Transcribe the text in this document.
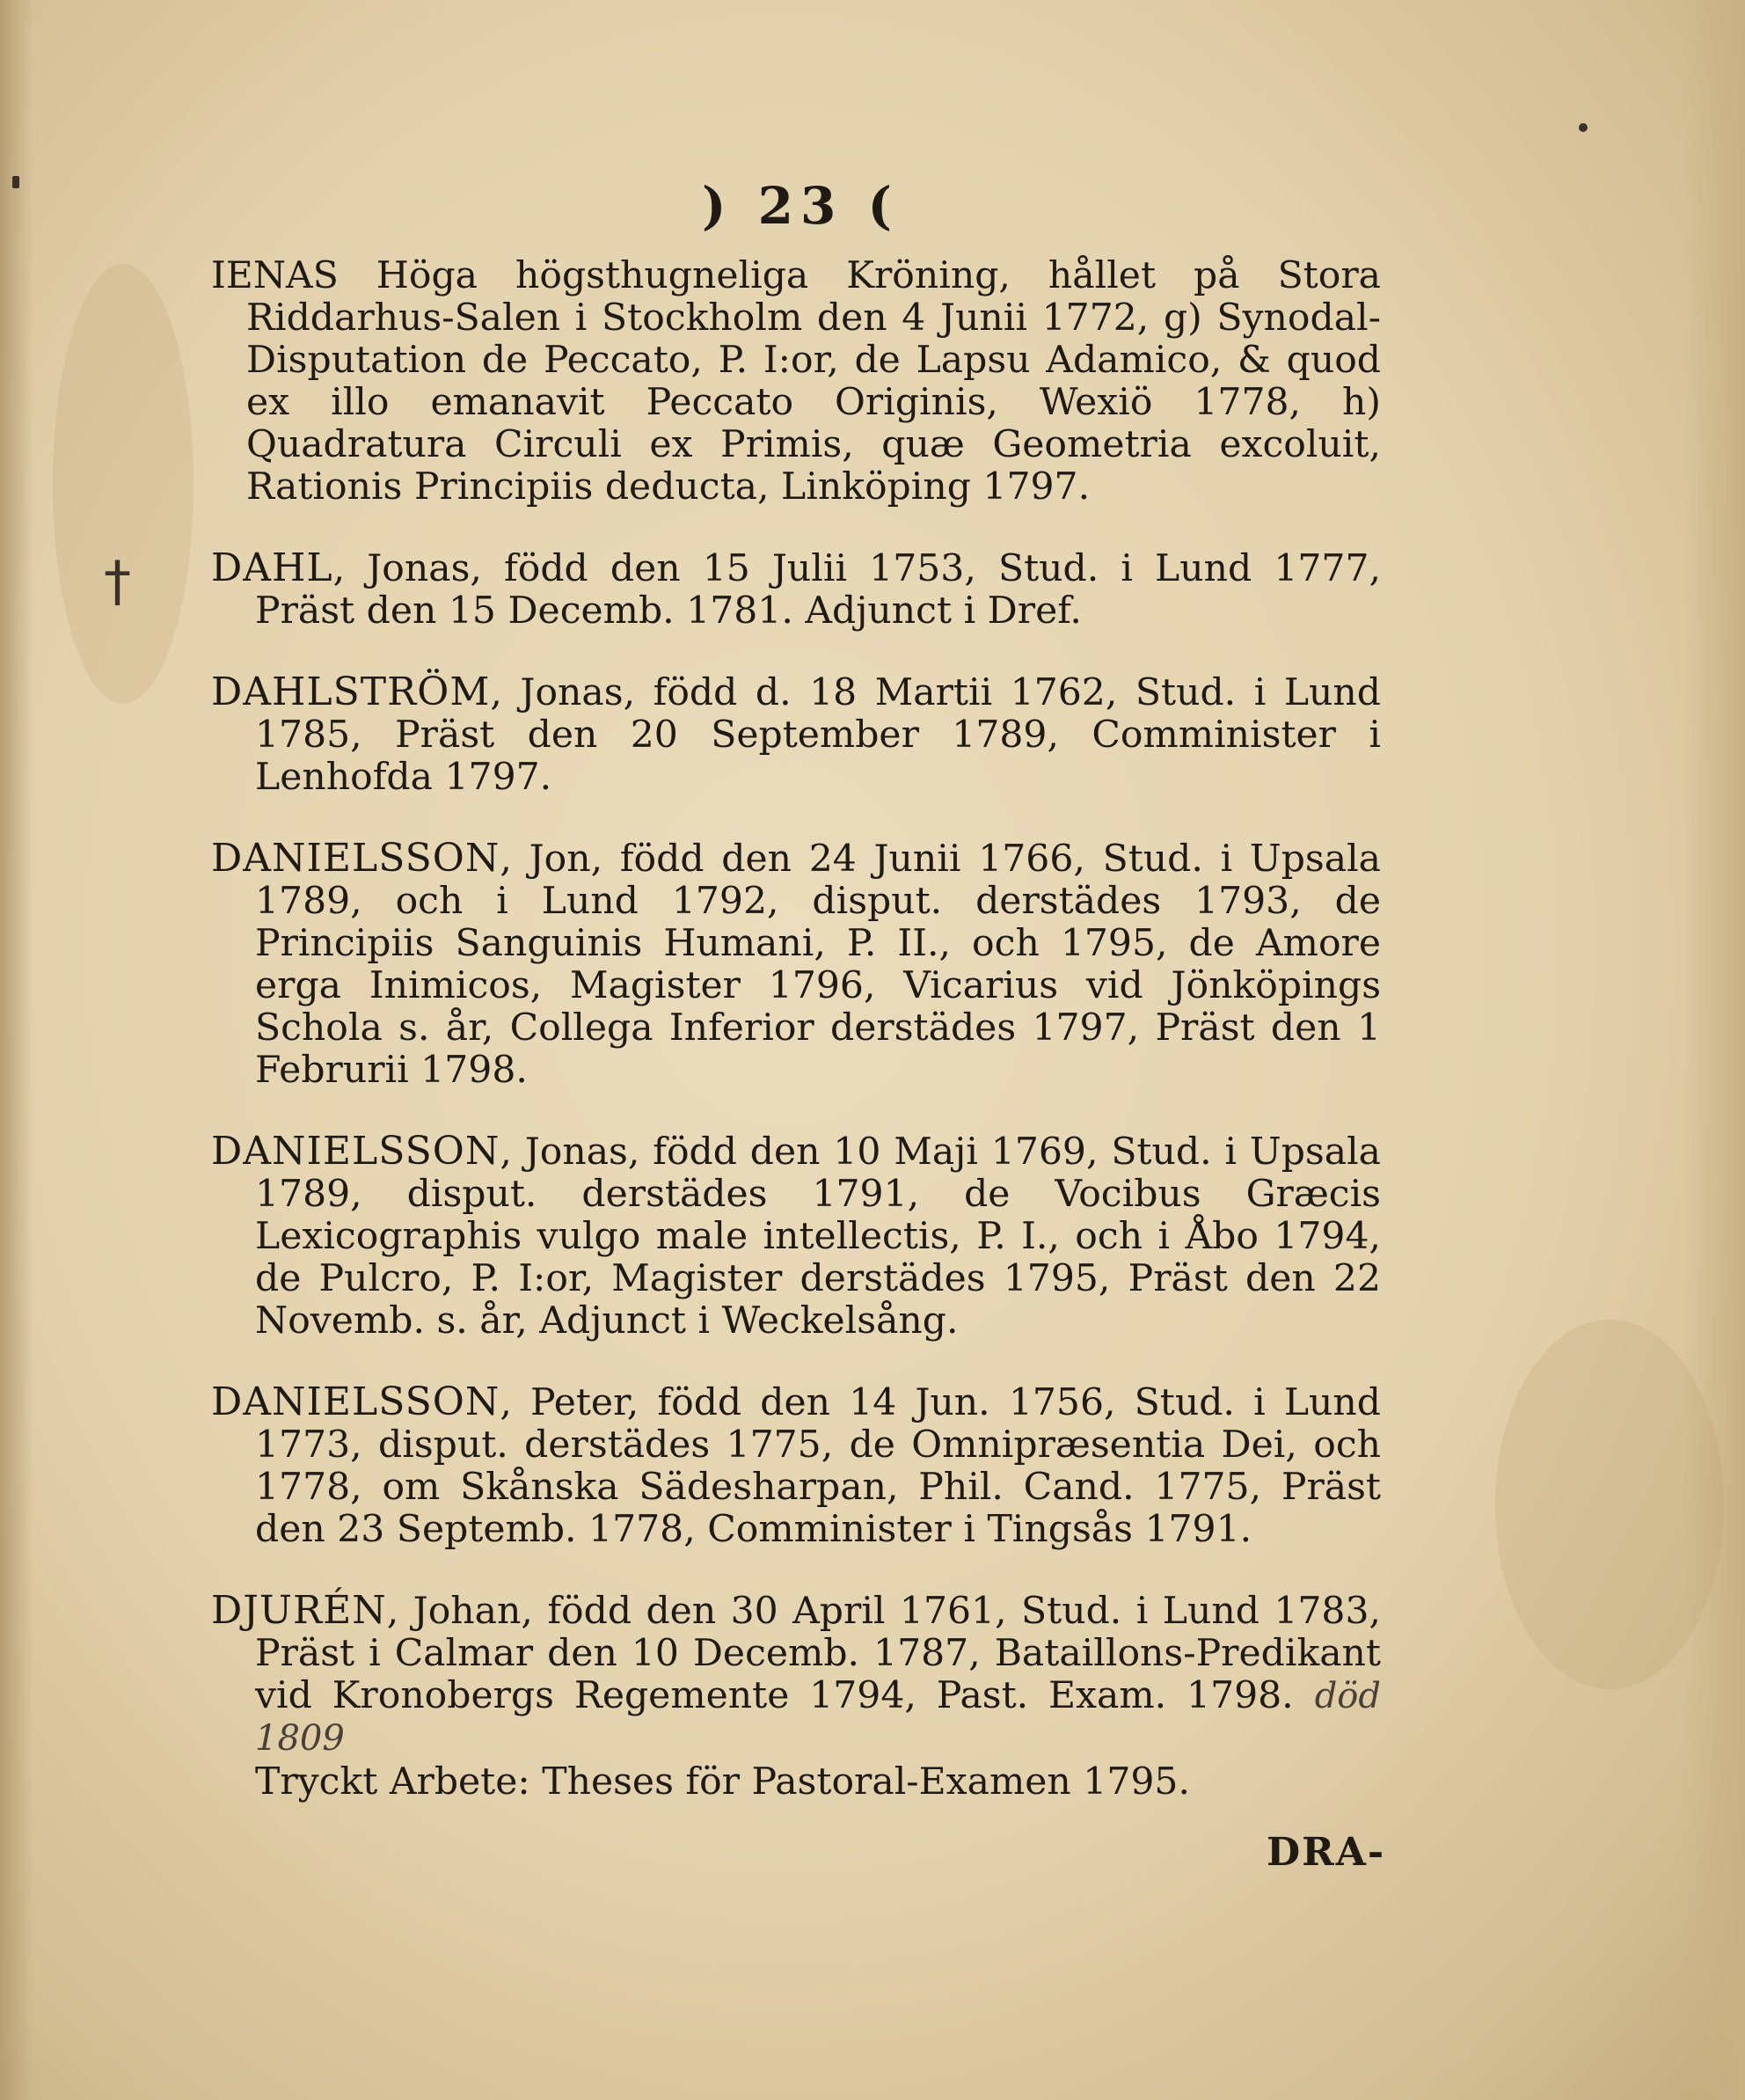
) 23 (
†

IENAS Höga högsthugneliga Kröning, hållet på Stora Riddarhus-Salen i Stockholm den 4 Junii 1772, g) Synodal-Disputation de Peccato, P. I:or, de Lapsu Adamico, & quod ex illo emanavit Peccato Originis, Wexiö 1778, h) Quadratura Circuli ex Primis, quæ Geometria excoluit, Rationis Principiis deducta, Linköping 1797.

DAHL, Jonas, född den 15 Julii 1753, Stud. i Lund 1777, Präst den 15 Decemb. 1781. Adjunct i Dref.

DAHLSTRÖM, Jonas, född d. 18 Martii 1762, Stud. i Lund 1785, Präst den 20 September 1789, Comminister i Lenhofda 1797.

DANIELSSON, Jon, född den 24 Junii 1766, Stud. i Upsala 1789, och i Lund 1792, disput. derstädes 1793, de Principiis Sanguinis Humani, P. II., och 1795, de Amore erga Inimicos, Magister 1796, Vicarius vid Jönköpings Schola s. år, Collega Inferior derstädes 1797, Präst den 1 Februrii 1798.

DANIELSSON, Jonas, född den 10 Maji 1769, Stud. i Upsala 1789, disput. derstädes 1791, de Vocibus Græcis Lexicographis vulgo male intellectis, P. I., och i Åbo 1794, de Pulcro, P. I:or, Magister derstädes 1795, Präst den 22 Novemb. s. år, Adjunct i Weckelsång.

DANIELSSON, Peter, född den 14 Jun. 1756, Stud. i Lund 1773, disput. derstädes 1775, de Omnipræsentia Dei, och 1778, om Skånska Sädesharpan, Phil. Cand. 1775, Präst den 23 Septemb. 1778, Comminister i Tingsås 1791.

DJURÉN, Johan, född den 30 April 1761, Stud. i Lund 1783, Präst i Calmar den 10 Decemb. 1787, Bataillons-Predikant vid Kronobergs Regemente 1794, Past. Exam. 1798. död 1809
Tryckt Arbete: Theses för Pastoral-Examen 1795.

DRA-
